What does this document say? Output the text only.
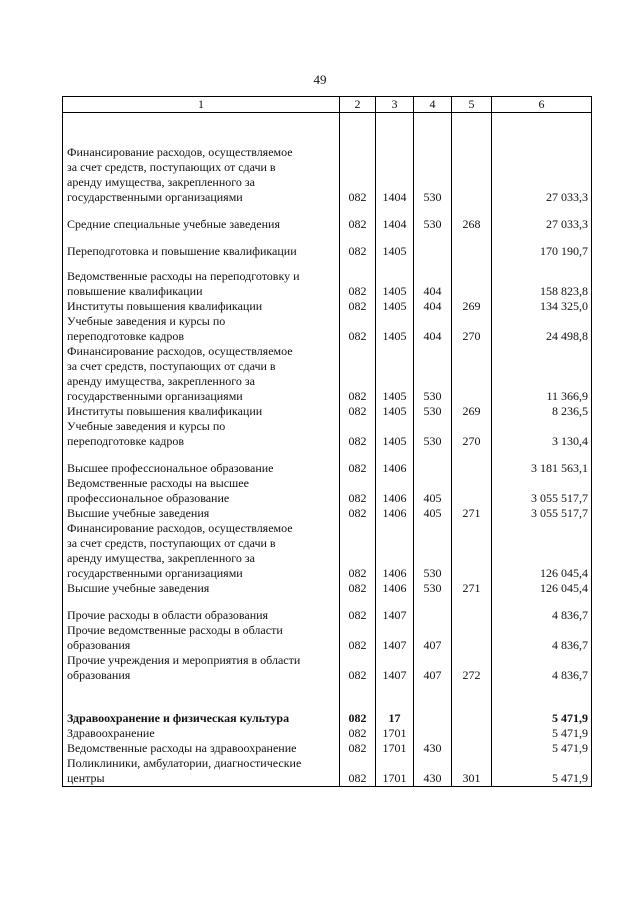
49
1	2	3	4	5	6

Финансирование расходов, осуществляемое
за счет средств, поступающих от сдачи в
аренду имущества, закрепленного за
государственными организациями	082	1404	530		27 033,3

Средние специальные учебные заведения	082	1404	530	268	27 033,3

Переподготовка и повышение квалификации	082	1405			170 190,7

Ведомственные расходы на переподготовку и
повышение квалификации	082	1405	404		158 823,8

Институты повышения квалификации	082	1405	404	269	134 325,0

Учебные заведения и курсы по
переподготовке кадров	082	1405	404	270	24 498,8

Финансирование расходов, осуществляемое
за счет средств, поступающих от сдачи в
аренду имущества, закрепленного за
государственными организациями	082	1405	530		11 366,9

Институты повышения квалификации	082	1405	530	269	8 236,5

Учебные заведения и курсы по
переподготовке кадров	082	1405	530	270	3 130,4

Высшее профессиональное образование	082	1406			3 181 563,1

Ведомственные расходы на высшее
профессиональное образование	082	1406	405		3 055 517,7

Высшие учебные заведения	082	1406	405	271	3 055 517,7

Финансирование расходов, осуществляемое
за счет средств, поступающих от сдачи в
аренду имущества, закрепленного за
государственными организациями	082	1406	530		126 045,4

Высшие учебные заведения	082	1406	530	271	126 045,4

Прочие расходы в области образования	082	1407			4 836,7

Прочие ведомственные расходы в области
образования	082	1407	407		4 836,7

Прочие учреждения и мероприятия в области
образования	082	1407	407	272	4 836,7

Здравоохранение и физическая культура	082	17			5 471,9

Здравоохранение	082	1701			5 471,9

Ведомственные расходы на здравоохранение	082	1701	430		5 471,9

Поликлиники, амбулатории, диагностические
центры	082	1701	430	301	5 471,9
